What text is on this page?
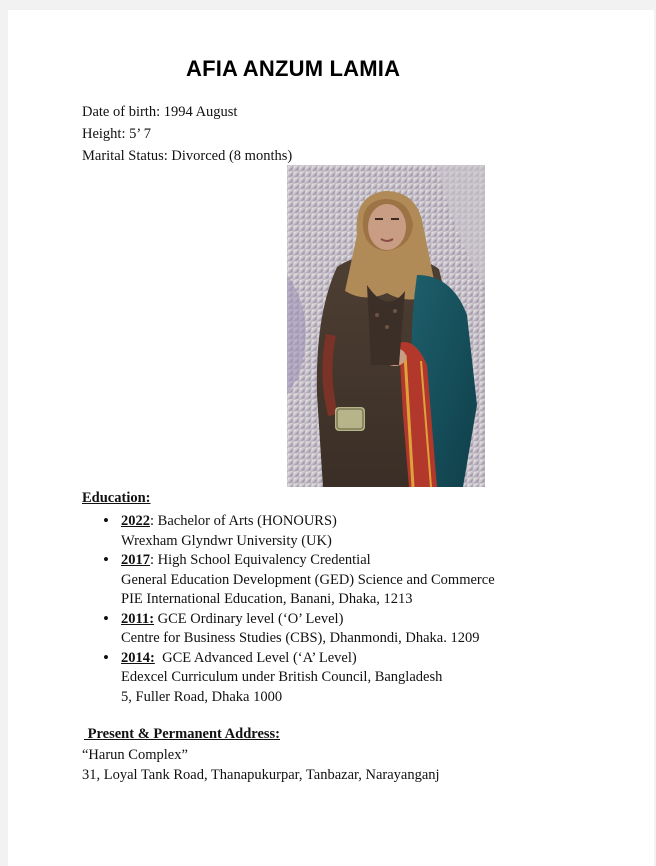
AFIA ANZUM LAMIA
Date of birth: 1994 August
Height: 5’ 7
Marital Status: Divorced (8 months)
Education:
• 2022: Bachelor of Arts (HONOURS)
Wrexham Glyndwr University (UK)
• 2017: High School Equivalency Credential
General Education Development (GED) Science and Commerce
PIE International Education, Banani, Dhaka, 1213
• 2011: GCE Ordinary level (‘O’ Level)
Centre for Business Studies (CBS), Dhanmondi, Dhaka. 1209
• 2014: GCE Advanced Level (‘A’ Level)
Edexcel Curriculum under British Council, Bangladesh
5, Fuller Road, Dhaka 1000
Present & Permanent Address:
“Harun Complex”
31, Loyal Tank Road, Thanapukurpar, Tanbazar, Narayanganj
